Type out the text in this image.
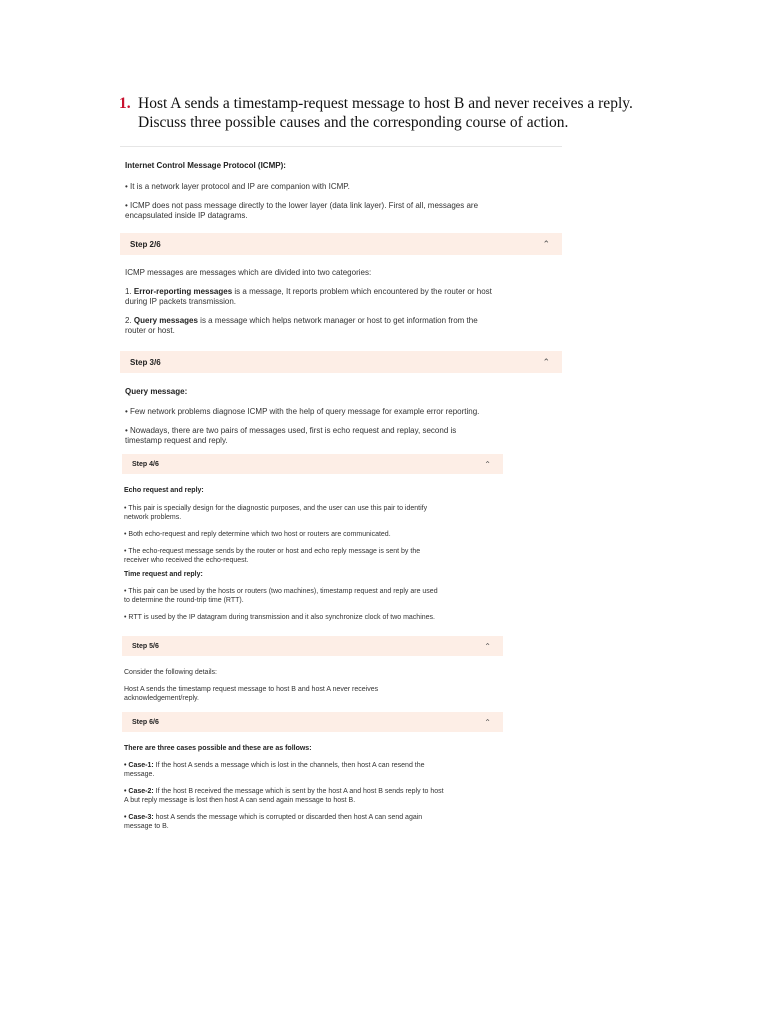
1. Host A sends a timestamp-request message to host B and never receives a reply.
Discuss three possible causes and the corresponding course of action.

Internet Control Message Protocol (ICMP):

• It is a network layer protocol and IP are companion with ICMP.

• ICMP does not pass message directly to the lower layer (data link layer). First of all, messages are

encapsulated inside IP datagrams.

Step 2/6	⌃

ICMP messages are messages which are divided into two categories:

1. Error-reporting messages is a message, It reports problem which encountered by the router or host

during IP packets transmission.

2. Query messages is a message which helps network manager or host to get information from the

router or host.

Step 3/6	⌃

Query message:

• Few network problems diagnose ICMP with the help of query message for example error reporting.

• Nowadays, there are two pairs of messages used, first is echo request and replay, second is

timestamp request and reply.

Step 4/6	⌃

Echo request and reply:

• This pair is specially design for the diagnostic purposes, and the user can use this pair to identify

network problems.

• Both echo-request and reply determine which two host or routers are communicated.

• The echo-request message sends by the router or host and echo reply message is sent by the

receiver who received the echo-request.

Time request and reply:

• This pair can be used by the hosts or routers (two machines), timestamp request and reply are used

to determine the round-trip time (RTT).

• RTT is used by the IP datagram during transmission and it also synchronize clock of two machines.

Step 5/6	⌃

Consider the following details:

Host A sends the timestamp request message to host B and host A never receives

acknowledgement/reply.

Step 6/6	⌃

There are three cases possible and these are as follows:

• Case-1: If the host A sends a message which is lost in the channels, then host A can resend the

message.

• Case-2: If the host B received the message which is sent by the host A and host B sends reply to host

A but reply message is lost then host A can send again message to host B.

• Case-3: host A sends the message which is corrupted or discarded then host A can send again

message to B.
